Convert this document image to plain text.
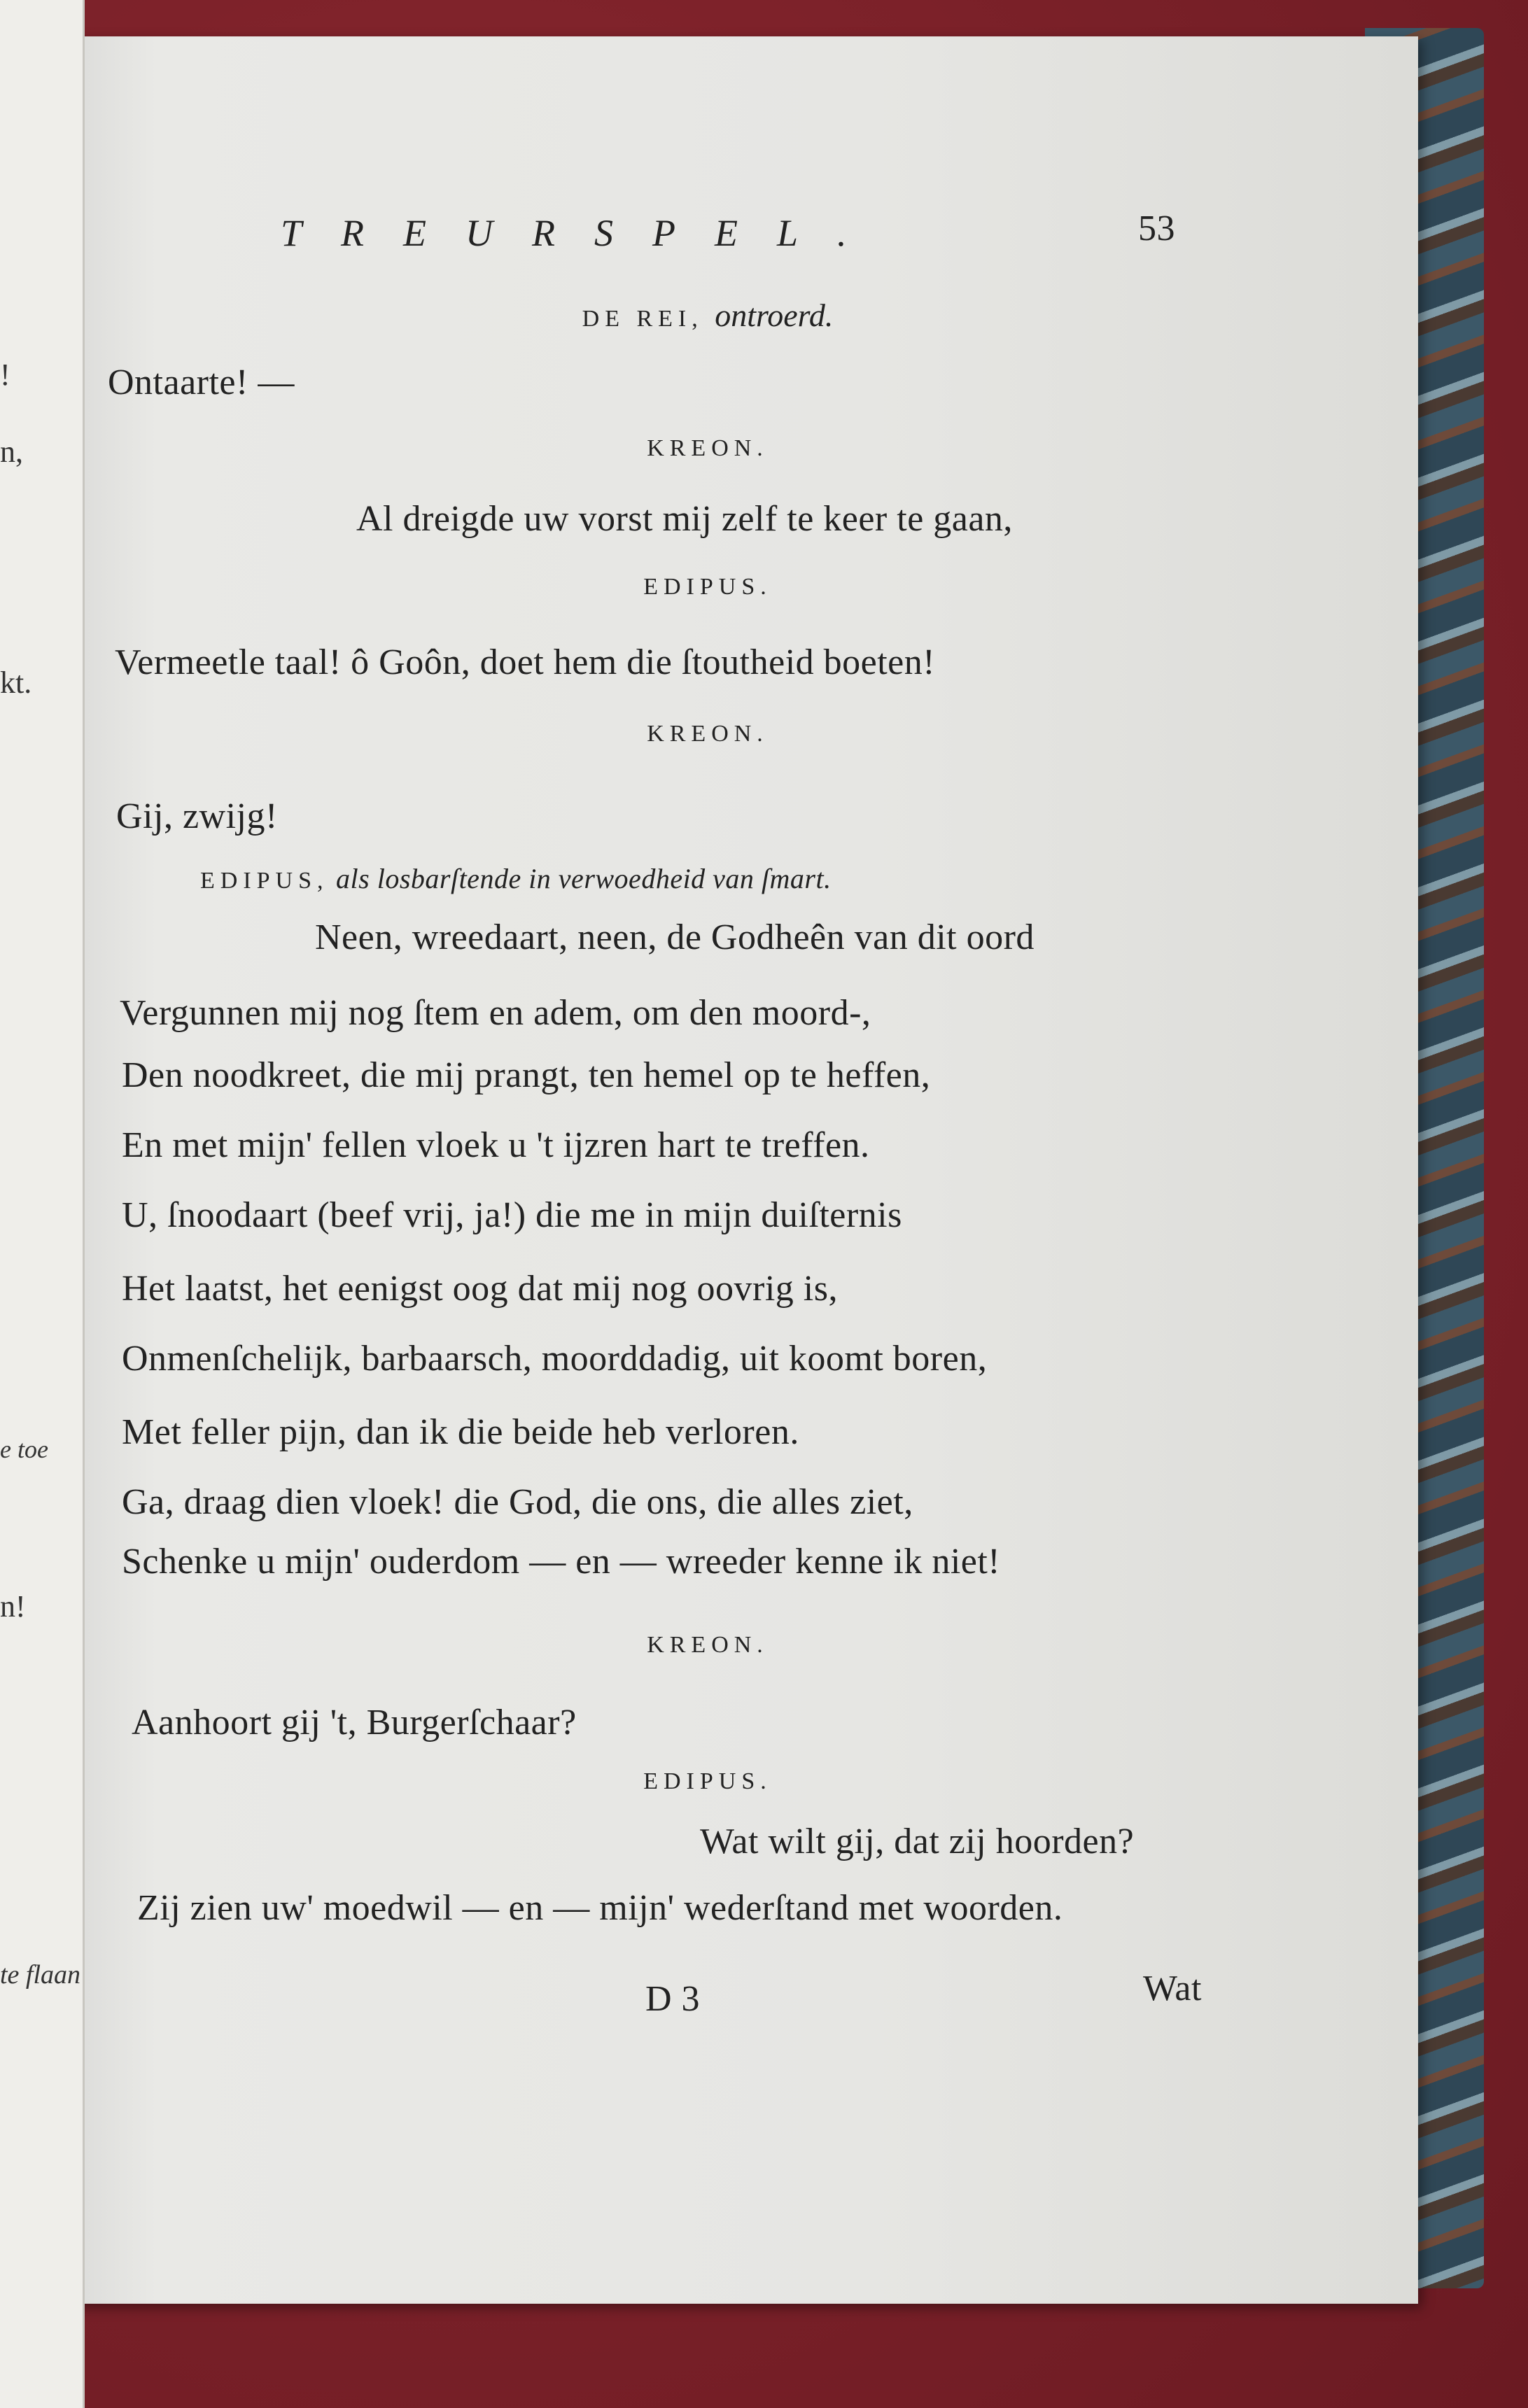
!
n,
kt.
e toe
n!
te flaan
TREURSPEL.	53
DE REI, ontroerd.
Ontaarte! —
KREON.
Al dreigde uw vorst mij zelf te keer te gaan,
EDIPUS.
Vermeetle taal! ô Goôn, doet hem die ſtoutheid boeten!
KREON.
Gij, zwijg!
EDIPUS, als losbarſtende in verwoedheid van ſmart.
Neen, wreedaart, neen, de Godheên van dit oord
Vergunnen mij nog ſtem en adem, om den moord-,
Den noodkreet, die mij prangt, ten hemel op te heffen,
En met mijn' fellen vloek u 't ijzren hart te treffen.
U, ſnoodaart (beef vrij, ja!) die me in mijn duiſternis
Het laatst, het eenigst oog dat mij nog oovrig is,
Onmenſchelijk, barbaarsch, moorddadig, uit koomt boren,
Met feller pijn, dan ik die beide heb verloren.
Ga, draag dien vloek! die God, die ons, die alles ziet,
Schenke u mijn' ouderdom — en — wreeder kenne ik niet!
KREON.
Aanhoort gij 't, Burgerſchaar?
EDIPUS.
Wat wilt gij, dat zij hoorden?
Zij zien uw' moedwil — en — mijn' wederſtand met woorden.
D 3	Wat
